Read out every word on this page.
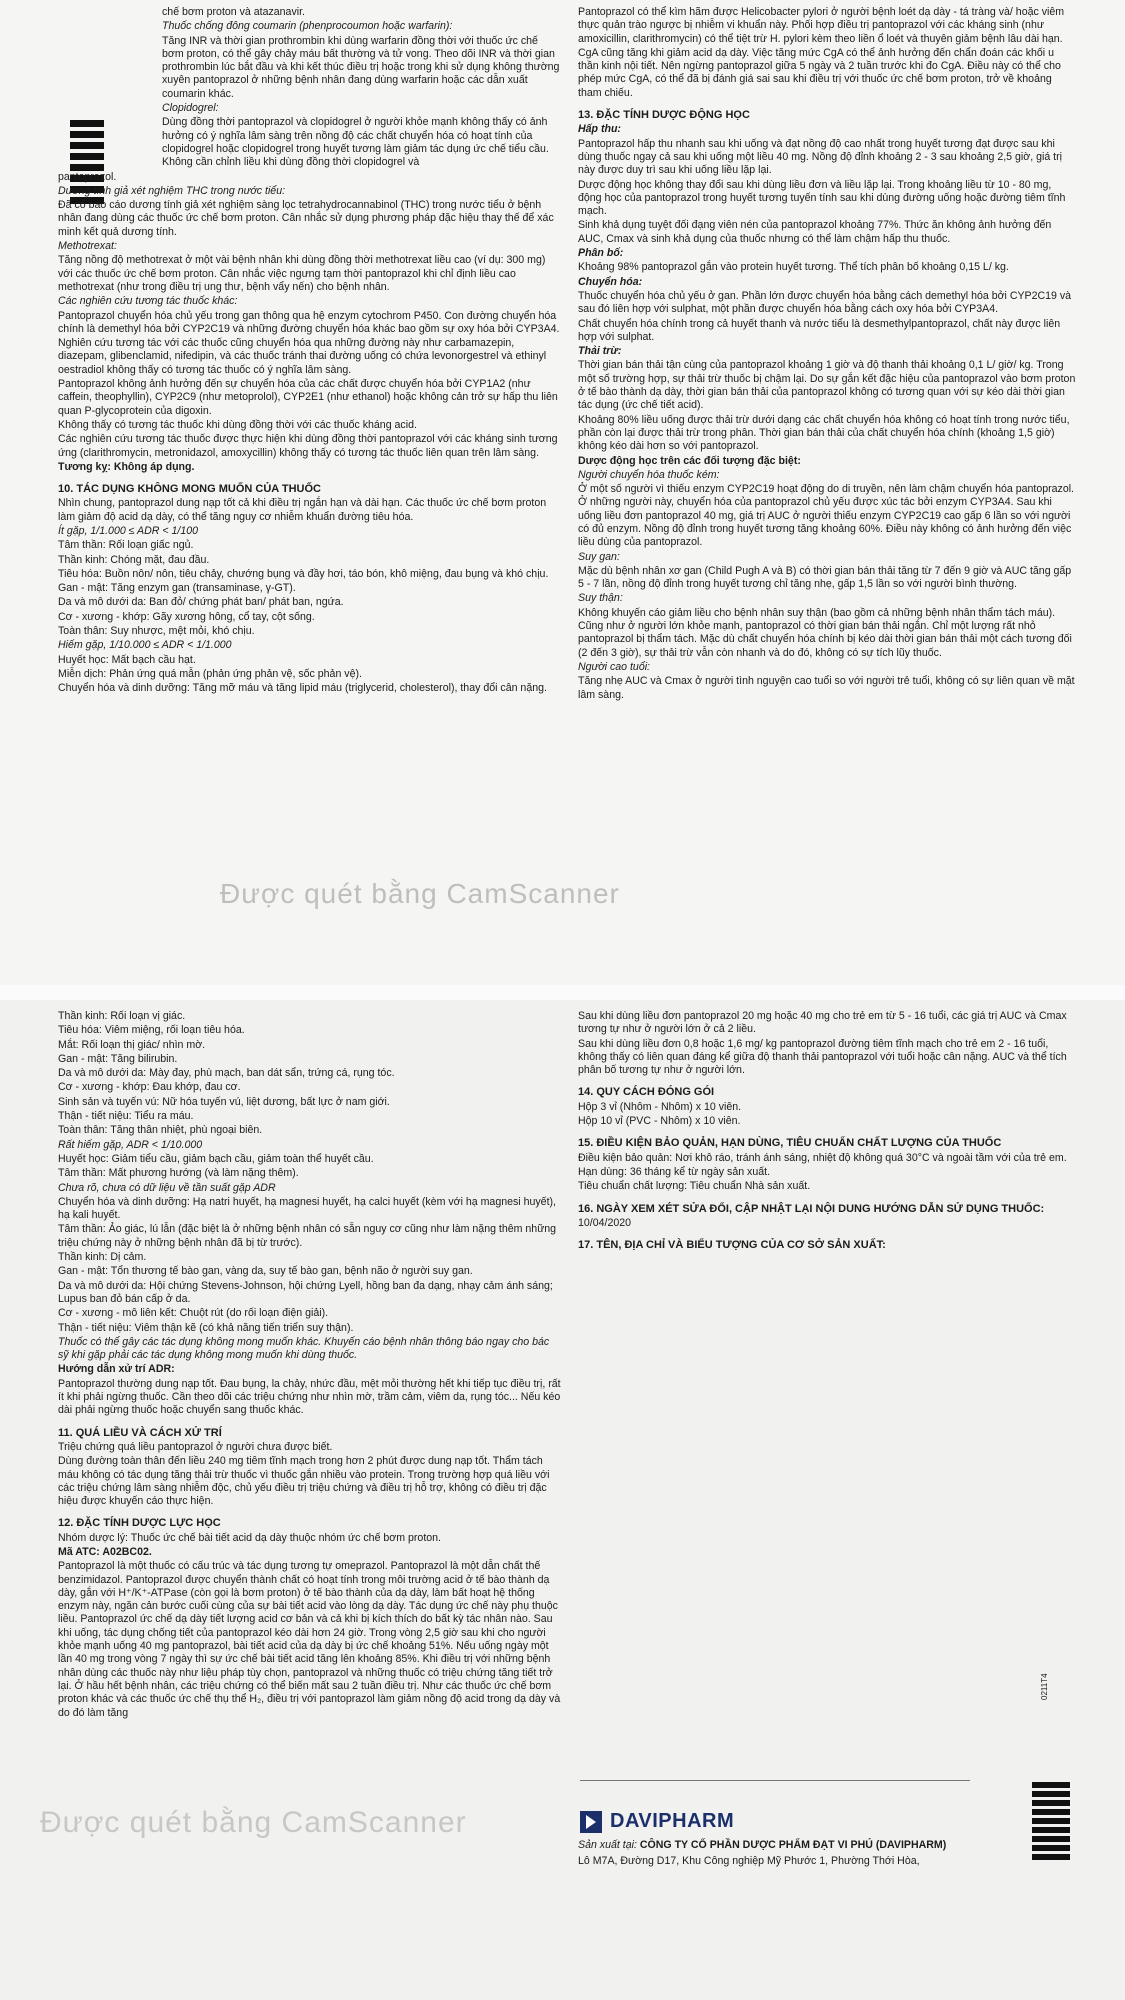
chế bơm proton và atazanavir.

Thuốc chống đông coumarin (phenprocoumon hoặc warfarin):

Tăng INR và thời gian prothrombin khi dùng warfarin đồng thời với thuốc ức chế bơm proton, có thể gây chảy máu bất thường và tử vong. Theo dõi INR và thời gian prothrombin lúc bắt đầu và khi kết thúc điều trị hoặc trong khi sử dụng không thường xuyên pantoprazol ở những bệnh nhân đang dùng warfarin hoặc các dẫn xuất coumarin khác.

Clopidogrel:

Dùng đồng thời pantoprazol và clopidogrel ở người khỏe mạnh không thấy có ảnh hưởng có ý nghĩa lâm sàng trên nồng độ các chất chuyển hóa có hoạt tính của clopidogrel hoặc clopidogrel trong huyết tương làm giảm tác dụng ức chế tiểu cầu. Không cần chỉnh liều khi dùng đồng thời clopidogrel và

pantoprazol.

Dương tính giả xét nghiệm THC trong nước tiểu:

Đã có báo cáo dương tính giả xét nghiệm sàng lọc tetrahydrocannabinol (THC) trong nước tiểu ở bệnh nhân đang dùng các thuốc ức chế bơm proton. Cân nhắc sử dụng phương pháp đặc hiệu thay thế để xác minh kết quả dương tính.

Methotrexat:

Tăng nồng độ methotrexat ở một vài bệnh nhân khi dùng đồng thời methotrexat liều cao (ví dụ: 300 mg) với các thuốc ức chế bơm proton. Cân nhắc việc ngưng tạm thời pantoprazol khi chỉ định liều cao methotrexat (như trong điều trị ung thư, bệnh vẩy nến) cho bệnh nhân.

Các nghiên cứu tương tác thuốc khác:

Pantoprazol chuyển hóa chủ yếu trong gan thông qua hệ enzym cytochrom P450. Con đường chuyển hóa chính là demethyl hóa bởi CYP2C19 và những đường chuyển hóa khác bao gồm sự oxy hóa bởi CYP3A4.

Nghiên cứu tương tác với các thuốc cũng chuyển hóa qua những đường này như carbamazepin, diazepam, glibenclamid, nifedipin, và các thuốc tránh thai đường uống có chứa levonorgestrel và ethinyl oestradiol không thấy có tương tác thuốc có ý nghĩa lâm sàng.

Pantoprazol không ảnh hưởng đến sự chuyển hóa của các chất được chuyển hóa bởi CYP1A2 (như caffein, theophyllin), CYP2C9 (như metoprolol), CYP2E1 (như ethanol) hoặc không cản trở sự hấp thu liên quan P-glycoprotein của digoxin.

Không thấy có tương tác thuốc khi dùng đồng thời với các thuốc kháng acid.

Các nghiên cứu tương tác thuốc được thực hiện khi dùng đồng thời pantoprazol với các kháng sinh tương ứng (clarithromycin, metronidazol, amoxycillin) không thấy có tương tác thuốc liên quan trên lâm sàng.

Tương kỵ: Không áp dụng.

10. TÁC DỤNG KHÔNG MONG MUỐN CỦA THUỐC

Nhìn chung, pantoprazol dung nạp tốt cả khi điều trị ngắn hạn và dài hạn. Các thuốc ức chế bơm proton làm giảm độ acid dạ dày, có thể tăng nguy cơ nhiễm khuẩn đường tiêu hóa.

Ít gặp, 1/1.000 ≤ ADR < 1/100

Tâm thần: Rối loạn giấc ngủ.

Thần kinh: Chóng mặt, đau đầu.

Tiêu hóa: Buồn nôn/ nôn, tiêu chảy, chướng bụng và đầy hơi, táo bón, khô miệng, đau bụng và khó chịu.

Gan - mật: Tăng enzym gan (transaminase, γ-GT).

Da và mô dưới da: Ban đỏ/ chứng phát ban/ phát ban, ngứa.

Cơ - xương - khớp: Gãy xương hông, cổ tay, cột sống.

Toàn thân: Suy nhược, mệt mỏi, khó chịu.

Hiếm gặp, 1/10.000 ≤ ADR < 1/1.000

Huyết học: Mất bạch cầu hạt.

Miễn dịch: Phản ứng quá mẫn (phản ứng phản vệ, sốc phản vệ).

Chuyển hóa và dinh dưỡng: Tăng mỡ máu và tăng lipid máu (triglycerid, cholesterol), thay đổi cân nặng.

Pantoprazol có thể kìm hãm được Helicobacter pylori ở người bệnh loét dạ dày - tá tràng và/ hoặc viêm thực quản trào ngược bị nhiễm vi khuẩn này. Phối hợp điều trị pantoprazol với các kháng sinh (như amoxicillin, clarithromycin) có thể tiệt trừ H. pylori kèm theo liền ổ loét và thuyên giảm bệnh lâu dài hạn.

CgA cũng tăng khi giảm acid dạ dày. Việc tăng mức CgA có thể ảnh hưởng đến chẩn đoán các khối u thần kinh nội tiết. Nên ngừng pantoprazol giữa 5 ngày và 2 tuần trước khi đo CgA. Điều này có thể cho phép mức CgA, có thể đã bị đánh giá sai sau khi điều trị với thuốc ức chế bơm proton, trở về khoảng tham chiếu.

13. ĐẶC TÍNH DƯỢC ĐỘNG HỌC

Hấp thu:

Pantoprazol hấp thu nhanh sau khi uống và đạt nồng độ cao nhất trong huyết tương đạt được sau khi dùng thuốc ngay cả sau khi uống một liều 40 mg. Nồng độ đỉnh khoảng 2 - 3 sau khoảng 2,5 giờ, giá trị này được duy trì sau khi uống liều lặp lại.

Dược động học không thay đổi sau khi dùng liều đơn và liều lặp lại. Trong khoảng liều từ 10 - 80 mg, động học của pantoprazol trong huyết tương tuyến tính sau khi dùng đường uống hoặc đường tiêm tĩnh mạch.

Sinh khả dụng tuyệt đối đạng viên nén của pantoprazol khoảng 77%. Thức ăn không ảnh hưởng đến AUC, Cmax và sinh khả dụng của thuốc nhưng có thể làm chậm hấp thu thuốc.

Phân bố:

Khoảng 98% pantoprazol gắn vào protein huyết tương. Thể tích phân bố khoảng 0,15 L/ kg.

Chuyển hóa:

Thuốc chuyển hóa chủ yếu ở gan. Phần lớn được chuyển hóa bằng cách demethyl hóa bởi CYP2C19 và sau đó liên hợp với sulphat, một phần được chuyển hóa bằng cách oxy hóa bởi CYP3A4.

Chất chuyển hóa chính trong cả huyết thanh và nước tiểu là desmethylpantoprazol, chất này được liên hợp với sulphat.

Thải trừ:

Thời gian bán thải tận cùng của pantoprazol khoảng 1 giờ và độ thanh thải khoảng 0,1 L/ giờ/ kg. Trong một số trường hợp, sự thải trừ thuốc bị chậm lại. Do sự gắn kết đặc hiệu của pantoprazol vào bơm proton ở tế bào thành dạ dày, thời gian bán thải của pantoprazol không có tương quan với sự kéo dài thời gian tác dụng (ức chế tiết acid).

Khoảng 80% liều uống được thải trừ dưới dạng các chất chuyển hóa không có hoạt tính trong nước tiểu, phần còn lại được thải trừ trong phân. Thời gian bán thải của chất chuyển hóa chính (khoảng 1,5 giờ) không kéo dài hơn so với pantoprazol.

Dược động học trên các đối tượng đặc biệt:

Người chuyển hóa thuốc kém:

Ở một số người vì thiếu enzym CYP2C19 hoạt động do di truyền, nên làm chậm chuyển hóa pantoprazol. Ở những người này, chuyển hóa của pantoprazol chủ yếu được xúc tác bởi enzym CYP3A4. Sau khi uống liều đơn pantoprazol 40 mg, giá trị AUC ở người thiếu enzym CYP2C19 cao gấp 6 lần so với người có đủ enzym. Nồng độ đỉnh trong huyết tương tăng khoảng 60%. Điều này không có ảnh hưởng đến việc liều dùng của pantoprazol.

Suy gan:

Mặc dù bệnh nhân xơ gan (Child Pugh A và B) có thời gian bán thải tăng từ 7 đến 9 giờ và AUC tăng gấp 5 - 7 lần, nồng độ đỉnh trong huyết tương chỉ tăng nhẹ, gấp 1,5 lần so với người bình thường.

Suy thận:

Không khuyến cáo giảm liều cho bệnh nhân suy thận (bao gồm cả những bệnh nhân thẩm tách máu). Cũng như ở người lớn khỏe mạnh, pantoprazol có thời gian bán thải ngắn. Chỉ một lượng rất nhỏ pantoprazol bị thẩm tách. Mặc dù chất chuyển hóa chính bị kéo dài thời gian bán thải một cách tương đối (2 đến 3 giờ), sự thải trừ vẫn còn nhanh và do đó, không có sự tích lũy thuốc.

Người cao tuổi:

Tăng nhẹ AUC và Cmax ở người tình nguyện cao tuổi so với người trẻ tuổi, không có sự liên quan về mặt lâm sàng.

Được quét bằng CamScanner

Thần kinh: Rối loạn vị giác.

Tiêu hóa: Viêm miệng, rối loạn tiêu hóa.

Mắt: Rối loạn thị giác/ nhìn mờ.

Gan - mật: Tăng bilirubin.

Da và mô dưới da: Mày đay, phù mạch, ban dát sẩn, trứng cá, rụng tóc.

Cơ - xương - khớp: Đau khớp, đau cơ.

Sinh sản và tuyến vú: Nữ hóa tuyến vú, liệt dương, bất lực ở nam giới.

Thận - tiết niệu: Tiểu ra máu.

Toàn thân: Tăng thân nhiệt, phù ngoại biên.

Rất hiếm gặp, ADR < 1/10.000

Huyết học: Giảm tiểu cầu, giảm bạch cầu, giảm toàn thể huyết cầu.

Tâm thần: Mất phương hướng (và làm nặng thêm).

Chưa rõ, chưa có dữ liệu về tần suất gặp ADR

Chuyển hóa và dinh dưỡng: Hạ natri huyết, hạ magnesi huyết, hạ calci huyết (kèm với hạ magnesi huyết), hạ kali huyết.

Tâm thần: Ảo giác, lú lẫn (đặc biệt là ở những bệnh nhân có sẵn nguy cơ cũng như làm nặng thêm những triệu chứng này ở những bệnh nhân đã bị từ trước).

Thần kinh: Dị cảm.

Gan - mật: Tổn thương tế bào gan, vàng da, suy tế bào gan, bệnh não ở người suy gan.

Da và mô dưới da: Hội chứng Stevens-Johnson, hội chứng Lyell, hồng ban đa dạng, nhạy cảm ánh sáng; Lupus ban đỏ bán cấp ở da.

Cơ - xương - mô liên kết: Chuột rút (do rối loạn điện giải).

Thận - tiết niệu: Viêm thận kẽ (có khả năng tiến triển suy thận).

Thuốc có thể gây các tác dụng không mong muốn khác. Khuyến cáo bệnh nhân thông báo ngay cho bác sỹ khi gặp phải các tác dụng không mong muốn khi dùng thuốc.

Hướng dẫn xử trí ADR:

Pantoprazol thường dung nạp tốt. Đau bụng, la chảy, nhức đầu, mệt mỏi thường hết khi tiếp tục điều trị, rất ít khi phải ngừng thuốc. Cần theo dõi các triệu chứng như nhìn mờ, trầm cảm, viêm da, rụng tóc... Nếu kéo dài phải ngừng thuốc hoặc chuyển sang thuốc khác.

11. QUÁ LIỀU VÀ CÁCH XỬ TRÍ

Triệu chứng quá liều pantoprazol ở người chưa được biết.

Dùng đường toàn thân đến liều 240 mg tiêm tĩnh mạch trong hơn 2 phút được dung nạp tốt. Thẩm tách máu không có tác dụng tăng thải trừ thuốc vì thuốc gắn nhiều vào protein. Trong trường hợp quá liều với các triệu chứng lâm sàng nhiễm độc, chủ yếu điều trị triệu chứng và điều trị hỗ trợ, không có điều trị đặc hiệu được khuyến cáo thực hiện.

12. ĐẶC TÍNH DƯỢC LỰC HỌC

Nhóm dược lý: Thuốc ức chế bài tiết acid dạ dày thuộc nhóm ức chế bơm proton.

Mã ATC: A02BC02.

Pantoprazol là một thuốc có cấu trúc và tác dụng tương tự omeprazol. Pantoprazol là một dẫn chất thế benzimidazol. Pantoprazol được chuyển thành chất có hoạt tính trong môi trường acid ở tế bào thành dạ dày, gắn với H⁺/K⁺-ATPase (còn gọi là bơm proton) ở tế bào thành của dạ dày, làm bất hoạt hệ thống enzym này, ngăn cản bước cuối cùng của sự bài tiết acid vào lòng dạ dày. Tác dụng ức chế này phụ thuộc liều. Pantoprazol ức chế dạ dày tiết lượng acid cơ bản và cả khi bị kích thích do bất kỳ tác nhân nào. Sau khi uống, tác dụng chống tiết của pantoprazol kéo dài hơn 24 giờ. Trong vòng 2,5 giờ sau khi cho người khỏe mạnh uống 40 mg pantoprazol, bài tiết acid của dạ dày bị ức chế khoảng 51%. Nếu uống ngày một lần 40 mg trong vòng 7 ngày thì sự ức chế bài tiết acid tăng lên khoảng 85%. Khi điều trị với những bệnh nhân dùng các thuốc này như liệu pháp tùy chọn, pantoprazol và những thuốc có triệu chứng tăng tiết trở lại. Ở hầu hết bệnh nhân, các triệu chứng có thể biến mất sau 2 tuần điều trị. Như các thuốc ức chế bơm proton khác và các thuốc ức chế thụ thể H₂, điều trị với pantoprazol làm giảm nồng độ acid trong dạ dày và do đó làm tăng

Sau khi dùng liều đơn pantoprazol 20 mg hoặc 40 mg cho trẻ em từ 5 - 16 tuổi, các giá trị AUC và Cmax tương tự như ở người lớn ở cả 2 liều.

Sau khi dùng liều đơn 0,8 hoặc 1,6 mg/ kg pantoprazol đường tiêm tĩnh mạch cho trẻ em 2 - 16 tuổi, không thấy có liên quan đáng kể giữa độ thanh thải pantoprazol với tuổi hoặc cân nặng. AUC và thể tích phân bố tương tự như ở người lớn.

14. QUY CÁCH ĐÓNG GÓI

Hộp 3 vỉ (Nhôm - Nhôm) x 10 viên.

Hộp 10 vỉ (PVC - Nhôm) x 10 viên.

15. ĐIỀU KIỆN BẢO QUẢN, HẠN DÙNG, TIÊU CHUẨN CHẤT LƯỢNG CỦA THUỐC

Điều kiện bảo quản: Nơi khô ráo, tránh ánh sáng, nhiệt độ không quá 30°C và ngoài tầm với của trẻ em.

Hạn dùng: 36 tháng kể từ ngày sản xuất.

Tiêu chuẩn chất lượng: Tiêu chuẩn Nhà sản xuất.

16. NGÀY XEM XÉT SỬA ĐỔI, CẬP NHẬT LẠI NỘI DUNG HƯỚNG DẪN SỬ DỤNG THUỐC:

10/04/2020

17. TÊN, ĐỊA CHỈ VÀ BIỂU TƯỢNG CỦA CƠ SỞ SẢN XUẤT:

0211T4
DAVIPHARM
Sản xuất tại: CÔNG TY CỔ PHẦN DƯỢC PHẨM ĐẠT VI PHÚ (DAVIPHARM)
Lô M7A, Đường D17, Khu Công nghiệp Mỹ Phước 1, Phường Thới Hòa,
Được quét bằng CamScanner
